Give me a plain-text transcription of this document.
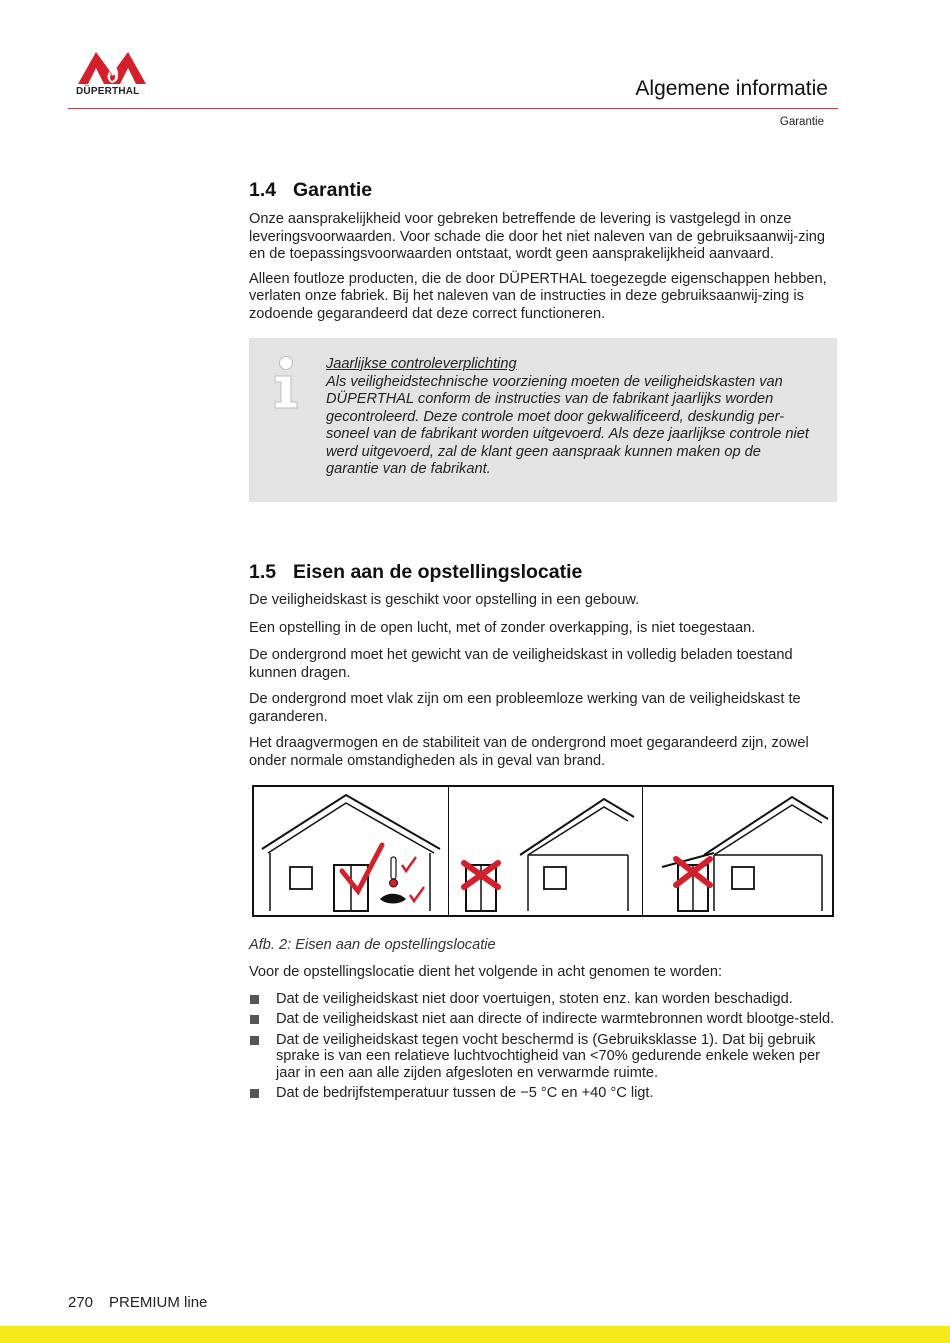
DÜPERTHAL	Algemene informatie
Garantie
1.4 Garantie

Onze aansprakelijkheid voor gebreken betreffende de levering is vastgelegd in onze leveringsvoorwaarden. Voor schade die door het niet naleven van de gebruiksaanwij-zing en de toepassingsvoorwaarden ontstaat, wordt geen aansprakelijkheid aanvaard.

Alleen foutloze producten, die de door DÜPERTHAL toegezegde eigenschappen hebben, verlaten onze fabriek. Bij het naleven van de instructies in deze gebruiksaanwij-zing is zodoende gegarandeerd dat deze correct functioneren.

Jaarlijkse controleverplichting

Als veiligheidstechnische voorziening moeten de veiligheidskasten van DÜPERTHAL conform de instructies van de fabrikant jaarlijks worden gecontroleerd. Deze controle moet door gekwalificeerd, deskundig per-soneel van de fabrikant worden uitgevoerd. Als deze jaarlijkse controle niet werd uitgevoerd, zal de klant geen aanspraak kunnen maken op de garantie van de fabrikant.

1.5 Eisen aan de opstellingslocatie

De veiligheidskast is geschikt voor opstelling in een gebouw.

Een opstelling in de open lucht, met of zonder overkapping, is niet toegestaan.

De ondergrond moet het gewicht van de veiligheidskast in volledig beladen toestand kunnen dragen.

De ondergrond moet vlak zijn om een probleemloze werking van de veiligheidskast te garanderen.

Het draagvermogen en de stabiliteit van de ondergrond moet gegarandeerd zijn, zowel onder normale omstandigheden als in geval van brand.

Afb. 2: Eisen aan de opstellingslocatie

Voor de opstellingslocatie dient het volgende in acht genomen te worden:

Dat de veiligheidskast niet door voertuigen, stoten enz. kan worden beschadigd.
Dat de veiligheidskast niet aan directe of indirecte warmtebronnen wordt blootge-steld.
Dat de veiligheidskast tegen vocht beschermd is (Gebruiksklasse 1). Dat bij gebruik sprake is van een relatieve luchtvochtigheid van <70% gedurende enkele weken per jaar in een aan alle zijden afgesloten en verwarmde ruimte.
Dat de bedrijfstemperatuur tussen de −5 °C en +40 °C ligt.
270 PREMIUM line
